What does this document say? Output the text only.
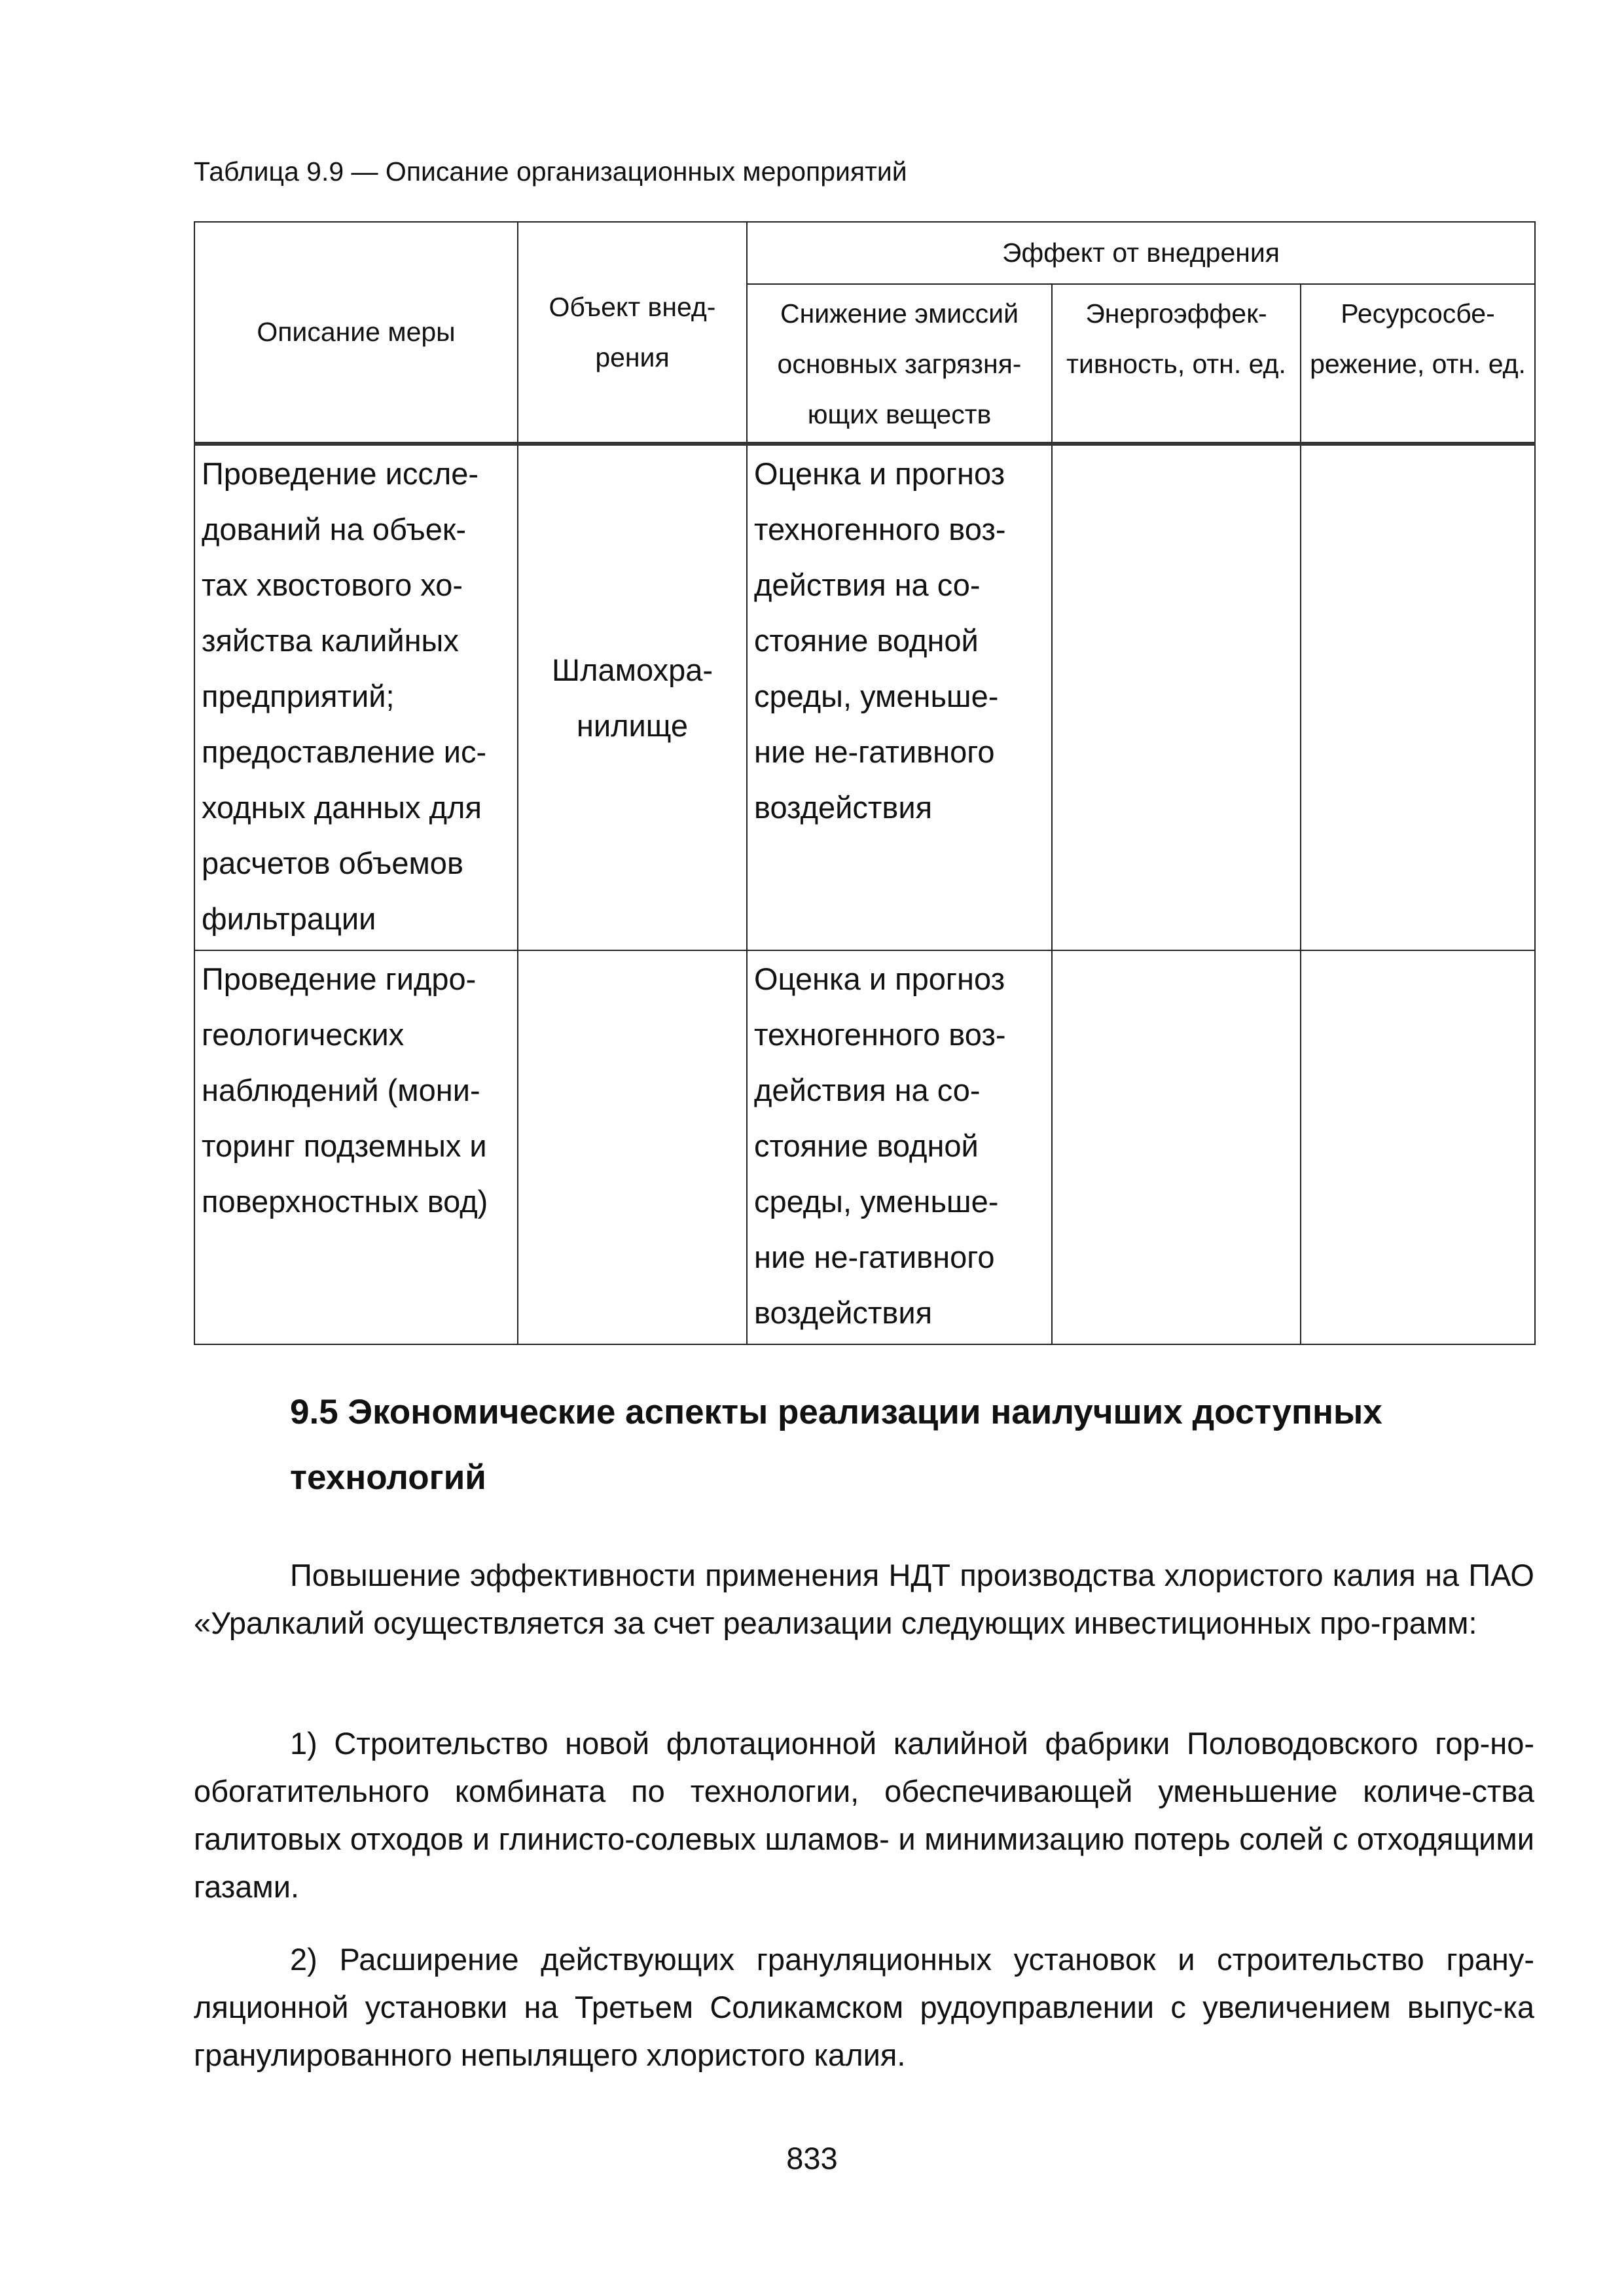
Таблица 9.9 — Описание организационных мероприятий
Описание меры	Объект внед-рения	Эффект от внедрения		
		Снижение эмиссий основных загрязня-ющих веществ	Энергоэффек-тивность, отн. ед.	Ресурсосбе-режение, отн. ед.
Проведение иссле-дований на объек-тах хвостового хо-зяйства калийных предприятий; предоставление ис-ходных данных для расчетов объемов фильтрации	Шламохра-нилище	Оценка и прогноз техногенного воз-действия на со-стояние водной среды, уменьше-ние не-гативного воздействия		
Проведение гидро-геологических наблюдений (мони-торинг подземных и поверхностных вод)		Оценка и прогноз техногенного воз-действия на со-стояние водной среды, уменьше-ние не-гативного воздействия		
9.5 Экономические аспекты реализации наилучших доступных технологий
Повышение эффективности применения НДТ производства хлористого калия на ПАО «Уралкалий осуществляется за счет реализации следующих инвестиционных про-грамм:
1) Строительство новой флотационной калийной фабрики Половодовского гор-но-обогатительного комбината по технологии, обеспечивающей уменьшение количе-ства галитовых отходов и глинисто-солевых шламов- и минимизацию потерь солей с отходящими газами.
2) Расширение действующих грануляционных установок и строительство грану-ляционной установки на Третьем Соликамском рудоуправлении с увеличением выпус-ка гранулированного непылящего хлористого калия.
833
